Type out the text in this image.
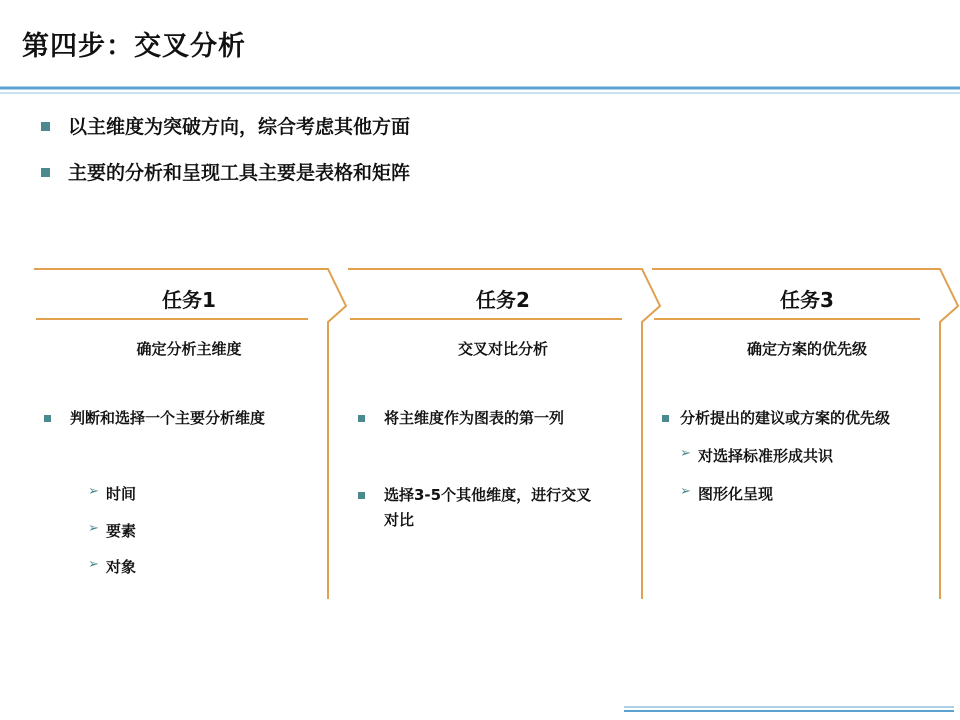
第四步：交叉分析
以主维度为突破方向，综合考虑其他方面
主要的分析和呈现工具主要是表格和矩阵
任务1
确定分析主维度
判断和选择一个主要分析维度
➢ 时间
➢ 要素
➢ 对象
任务2
交叉对比分析
将主维度作为图表的第一列
选择3-5个其他维度，进行交叉
对比
任务3
确定方案的优先级
分析提出的建议或方案的优先级
➢ 对选择标准形成共识
➢ 图形化呈现
